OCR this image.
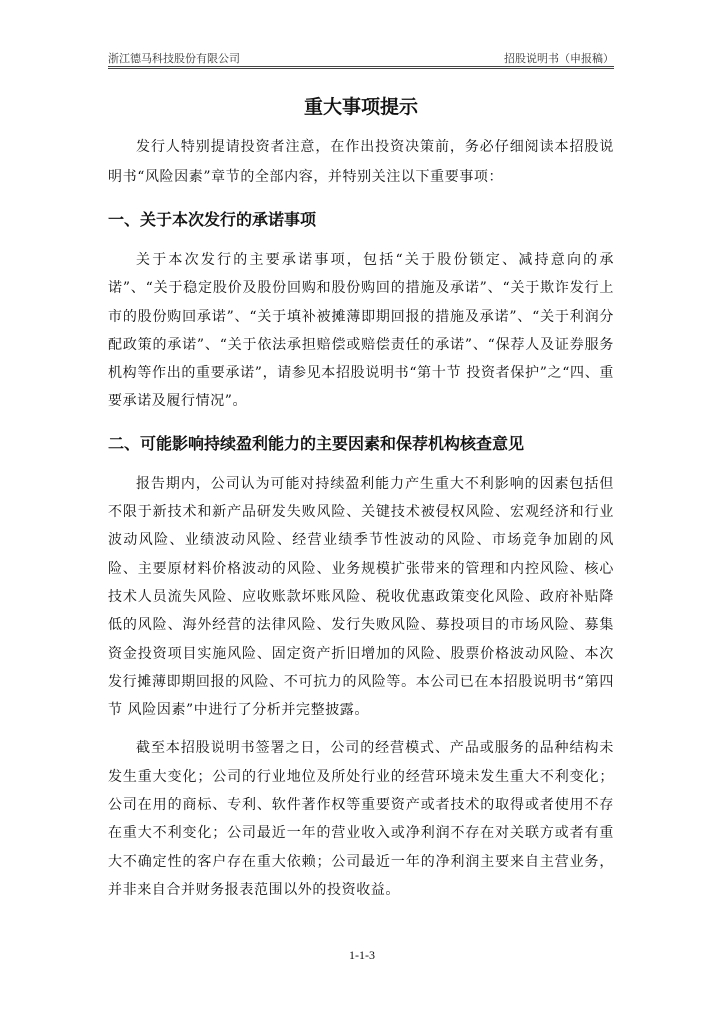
浙江德马科技股份有限公司	招股说明书（申报稿）
重大事项提示

发行人特别提请投资者注意，在作出投资决策前，务必仔细阅读本招股说明书“风险因素”章节的全部内容，并特别关注以下重要事项：

一、关于本次发行的承诺事项

关于本次发行的主要承诺事项，包括“关于股份锁定、减持意向的承诺”、“关于稳定股价及股份回购和股份购回的措施及承诺”、“关于欺诈发行上市的股份购回承诺”、“关于填补被摊薄即期回报的措施及承诺”、“关于利润分配政策的承诺”、“关于依法承担赔偿或赔偿责任的承诺”、“保荐人及证券服务机构等作出的重要承诺”，请参见本招股说明书“第十节 投资者保护”之“四、重要承诺及履行情况”。

二、可能影响持续盈利能力的主要因素和保荐机构核查意见

报告期内，公司认为可能对持续盈利能力产生重大不利影响的因素包括但不限于新技术和新产品研发失败风险、关键技术被侵权风险、宏观经济和行业波动风险、业绩波动风险、经营业绩季节性波动的风险、市场竞争加剧的风险、主要原材料价格波动的风险、业务规模扩张带来的管理和内控风险、核心技术人员流失风险、应收账款坏账风险、税收优惠政策变化风险、政府补贴降低的风险、海外经营的法律风险、发行失败风险、募投项目的市场风险、募集资金投资项目实施风险、固定资产折旧增加的风险、股票价格波动风险、本次发行摊薄即期回报的风险、不可抗力的风险等。本公司已在本招股说明书“第四节 风险因素”中进行了分析并完整披露。

截至本招股说明书签署之日，公司的经营模式、产品或服务的品种结构未发生重大变化；公司的行业地位及所处行业的经营环境未发生重大不利变化；公司在用的商标、专利、软件著作权等重要资产或者技术的取得或者使用不存在重大不利变化；公司最近一年的营业收入或净利润不存在对关联方或者有重大不确定性的客户存在重大依赖；公司最近一年的净利润主要来自主营业务，并非来自合并财务报表范围以外的投资收益。

1-1-3
